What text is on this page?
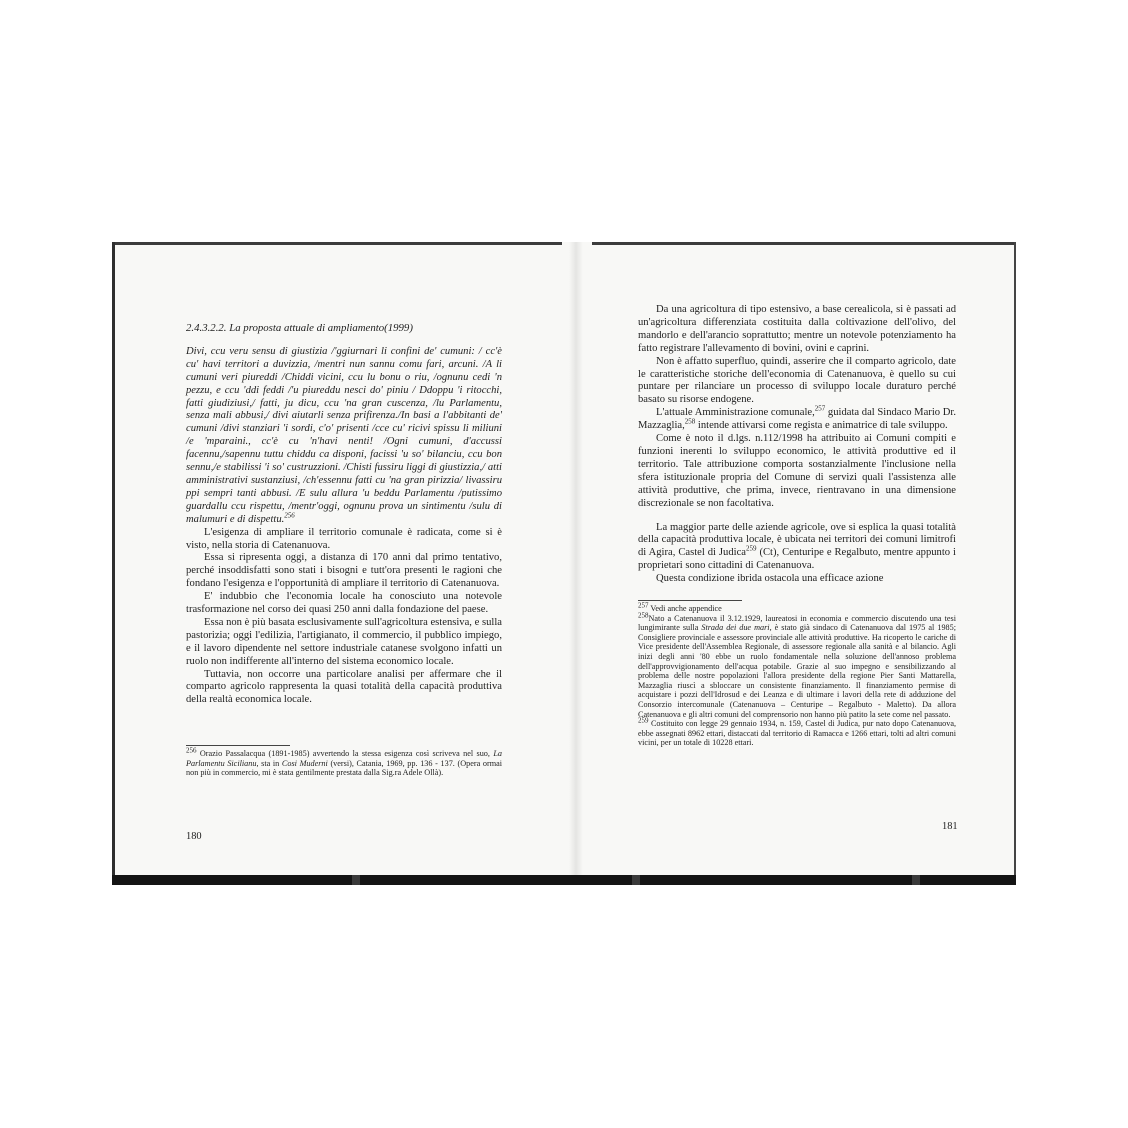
2.4.3.2.2. La proposta attuale di ampliamento(1999)

Divi, ccu veru sensu di giustizia /'ggiurnari li confini de' cumuni: / cc'è cu' havi territori a duvizzia, /mentri nun sannu comu fari, arcuni. /A li cumuni veri piureddi /Chiddi vicini, ccu lu bonu o riu, /ognunu cedi 'n pezzu, e ccu 'ddi feddi /'u piureddu nesci do' piniu / Ddoppu 'i ritocchi, fatti giudiziusi,/ fatti, ju dicu, ccu 'na gran cuscenza, /lu Parlamentu, senza mali abbusi,/ divi aiutarli senza prifirenza./In basi a l'abbitanti de' cumuni /divi stanziari 'i sordi, c'o' prisenti /cce cu' ricivi spissu li miliuni /e 'mparaini., cc'è cu 'n'havi nenti! /Ogni cumuni, d'accussi facennu,/sapennu tuttu chiddu ca disponi, facissi 'u so' bilanciu, ccu bon sennu,/e stabilissi 'i so' custruzzioni. /Chisti fussiru liggi di giustizzia,/ atti amministrativi sustanziusi, /ch'essennu fatti cu 'na gran pirizzia/ livassiru ppi sempri tanti abbusi. /E sulu allura 'u beddu Parlamentu /putissimo guardallu ccu rispettu, /mentr'oggi, ognunu prova un sintimentu /sulu di malumuri e di dispettu.$^{256}$

L'esigenza di ampliare il territorio comunale è radicata, come si è visto, nella storia di Catenanuova.

Essa si ripresenta oggi, a distanza di 170 anni dal primo tentativo, perché insoddisfatti sono stati i bisogni e tutt'ora presenti le ragioni che fondano l'esigenza e l'opportunità di ampliare il territorio di Catenanuova.

E' indubbio che l'economia locale ha conosciuto una notevole trasformazione nel corso dei quasi 250 anni dalla fondazione del paese.

Essa non è più basata esclusivamente sull'agricoltura estensiva, e sulla pastorizia; oggi l'edilizia, l'artigianato, il commercio, il pubblico impiego, e il lavoro dipendente nel settore industriale catanese svolgono infatti un ruolo non indifferente all'interno del sistema economico locale.

Tuttavia, non occorre una particolare analisi per affermare che il comparto agricolo rappresenta la quasi totalità della capacità produttiva della realtà economica locale.

$^{256}$ Orazio Passalacqua (1891-1985) avvertendo la stessa esigenza così scriveva nel suo, La Parlamentu Sicilianu, sta in Cosi Muderni (versi), Catania, 1969, pp. 136 - 137. (Opera ormai non più in commercio, mi è stata gentilmente prestata dalla Sig.ra Adele Ollà).

180

Da una agricoltura di tipo estensivo, a base cerealicola, si è passati ad un'agricoltura differenziata costituita dalla coltivazione dell'olivo, del mandorlo e dell'arancio soprattutto; mentre un notevole potenziamento ha fatto registrare l'allevamento di bovini, ovini e caprini.

Non è affatto superfluo, quindi, asserire che il comparto agricolo, date le caratteristiche storiche dell'economia di Catenanuova, è quello su cui puntare per rilanciare un processo di sviluppo locale duraturo perché basato su risorse endogene.

L'attuale Amministrazione comunale,$^{257}$ guidata dal Sindaco Mario Dr. Mazzaglia,$^{258}$ intende attivarsi come regista e animatrice di tale sviluppo.

Come è noto il d.lgs. n.112/1998 ha attribuito ai Comuni compiti e funzioni inerenti lo sviluppo economico, le attività produttive ed il territorio. Tale attribuzione comporta sostanzialmente l'inclusione nella sfera istituzionale propria del Comune di servizi quali l'assistenza alle attività produttive, che prima, invece, rientravano in una dimensione discrezionale se non facoltativa.

La maggior parte delle aziende agricole, ove si esplica la quasi totalità della capacità produttiva locale, è ubicata nei territori dei comuni limitrofi di Agira, Castel di Judica$^{259}$ (Ct), Centuripe e Regalbuto, mentre appunto i proprietari sono cittadini di Catenanuova.

Questa condizione ibrida ostacola una efficace azione

$^{257}$ Vedi anche appendice

$^{258}$Nato a Catenanuova il 3.12.1929, laureatosi in economia e commercio discutendo una tesi lungimirante sulla Strada dei due mari, è stato già sindaco di Catenanuova dal 1975 al 1985; Consigliere provinciale e assessore provinciale alle attività produttive. Ha ricoperto le cariche di Vice presidente dell'Assemblea Regionale, di assessore regionale alla sanità e al bilancio. Agli inizi degli anni '80 ebbe un ruolo fondamentale nella soluzione dell'annoso problema dell'approvvigionamento dell'acqua potabile. Grazie al suo impegno e sensibilizzando al problema delle nostre popolazioni l'allora presidente della regione Pier Santi Mattarella, Mazzaglia riuscì a sbloccare un consistente finanziamento. Il finanziamento permise di acquistare i pozzi dell'Idrosud e dei Leanza e di ultimare i lavori della rete di adduzione del Consorzio intercomunale (Catenanuova – Centuripe – Regalbuto - Maletto). Da allora Catenanuova e gli altri comuni del comprensorio non hanno più patito la sete come nel passato.

$^{259}$ Costituito con legge 29 gennaio 1934, n. 159, Castel di Judica, pur nato dopo Catenanuova, ebbe assegnati 8962 ettari, distaccati dal territorio di Ramacca e 1266 ettari, tolti ad altri comuni vicini, per un totale di 10228 ettari.

181
